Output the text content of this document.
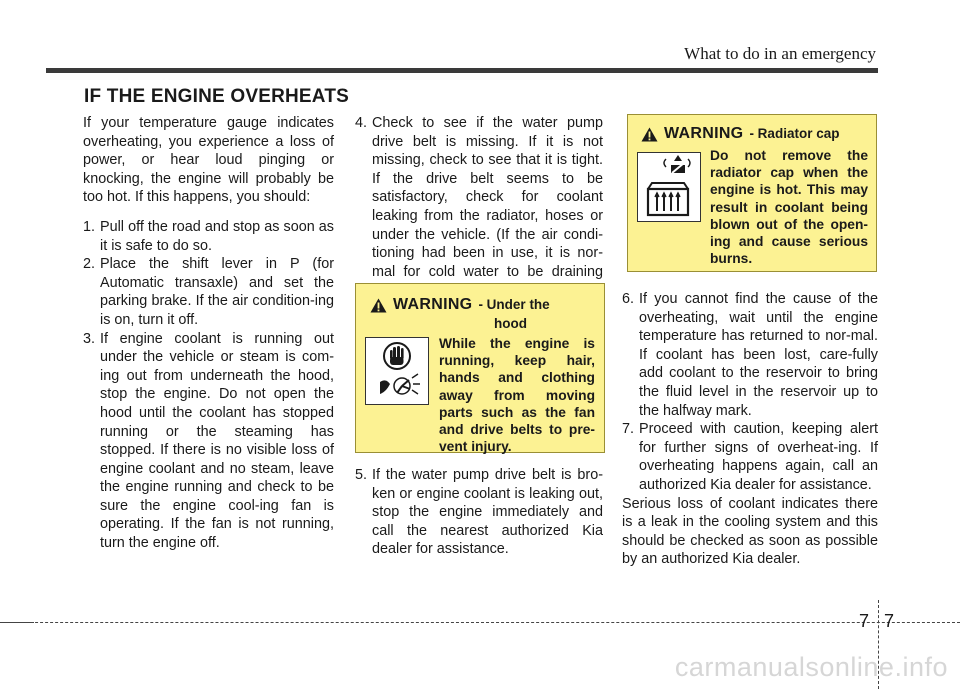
What to do in an emergency
IF THE ENGINE OVERHEATS

If your temperature gauge indicates overheating, you experience a loss of power, or hear loud pinging or knocking, the engine will probably be too hot. If this happens, you should:

1. Pull off the road and stop as soon as it is safe to do so.
2. Place the shift lever in P (for Automatic transaxle) and set the parking brake. If the air condition-ing is on, turn it off.
3. If engine coolant is running out under the vehicle or steam is com-ing out from underneath the hood, stop the engine. Do not open the hood until the coolant has stopped running or the steaming has stopped. If there is no visible loss of engine coolant and no steam, leave the engine running and check to be sure the engine cool-ing fan is operating. If the fan is not running, turn the engine off.
4. Check to see if the water pump drive belt is missing. If it is not missing, check to see that it is tight. If the drive belt seems to be satisfactory, check for coolant leaking from the radiator, hoses or under the vehicle. (If the air condi-tioning had been in use, it is nor-mal for cold water to be draining
5. If the water pump drive belt is bro-ken or engine coolant is leaking out, stop the engine immediately and call the nearest authorized Kia dealer for assistance.
WARNING - Under the
hood
While the engine is running, keep hair, hands and clothing away from moving parts such as the fan and drive belts to pre-vent injury.
WARNING - Radiator cap
Do not remove the radiator cap when the engine is hot. This may result in coolant being blown out of the open-ing and cause serious burns.
6. If you cannot find the cause of the overheating, wait until the engine temperature has returned to nor-mal. If coolant has been lost, care-fully add coolant to the reservoir to bring the fluid level in the reservoir up to the halfway mark.
7. Proceed with caution, keeping alert for further signs of overheat-ing. If overheating happens again, call an authorized Kia dealer for assistance.

Serious loss of coolant indicates there is a leak in the cooling system and this should be checked as soon as possible by an authorized Kia dealer.

7 7
carmanualsonline.info
